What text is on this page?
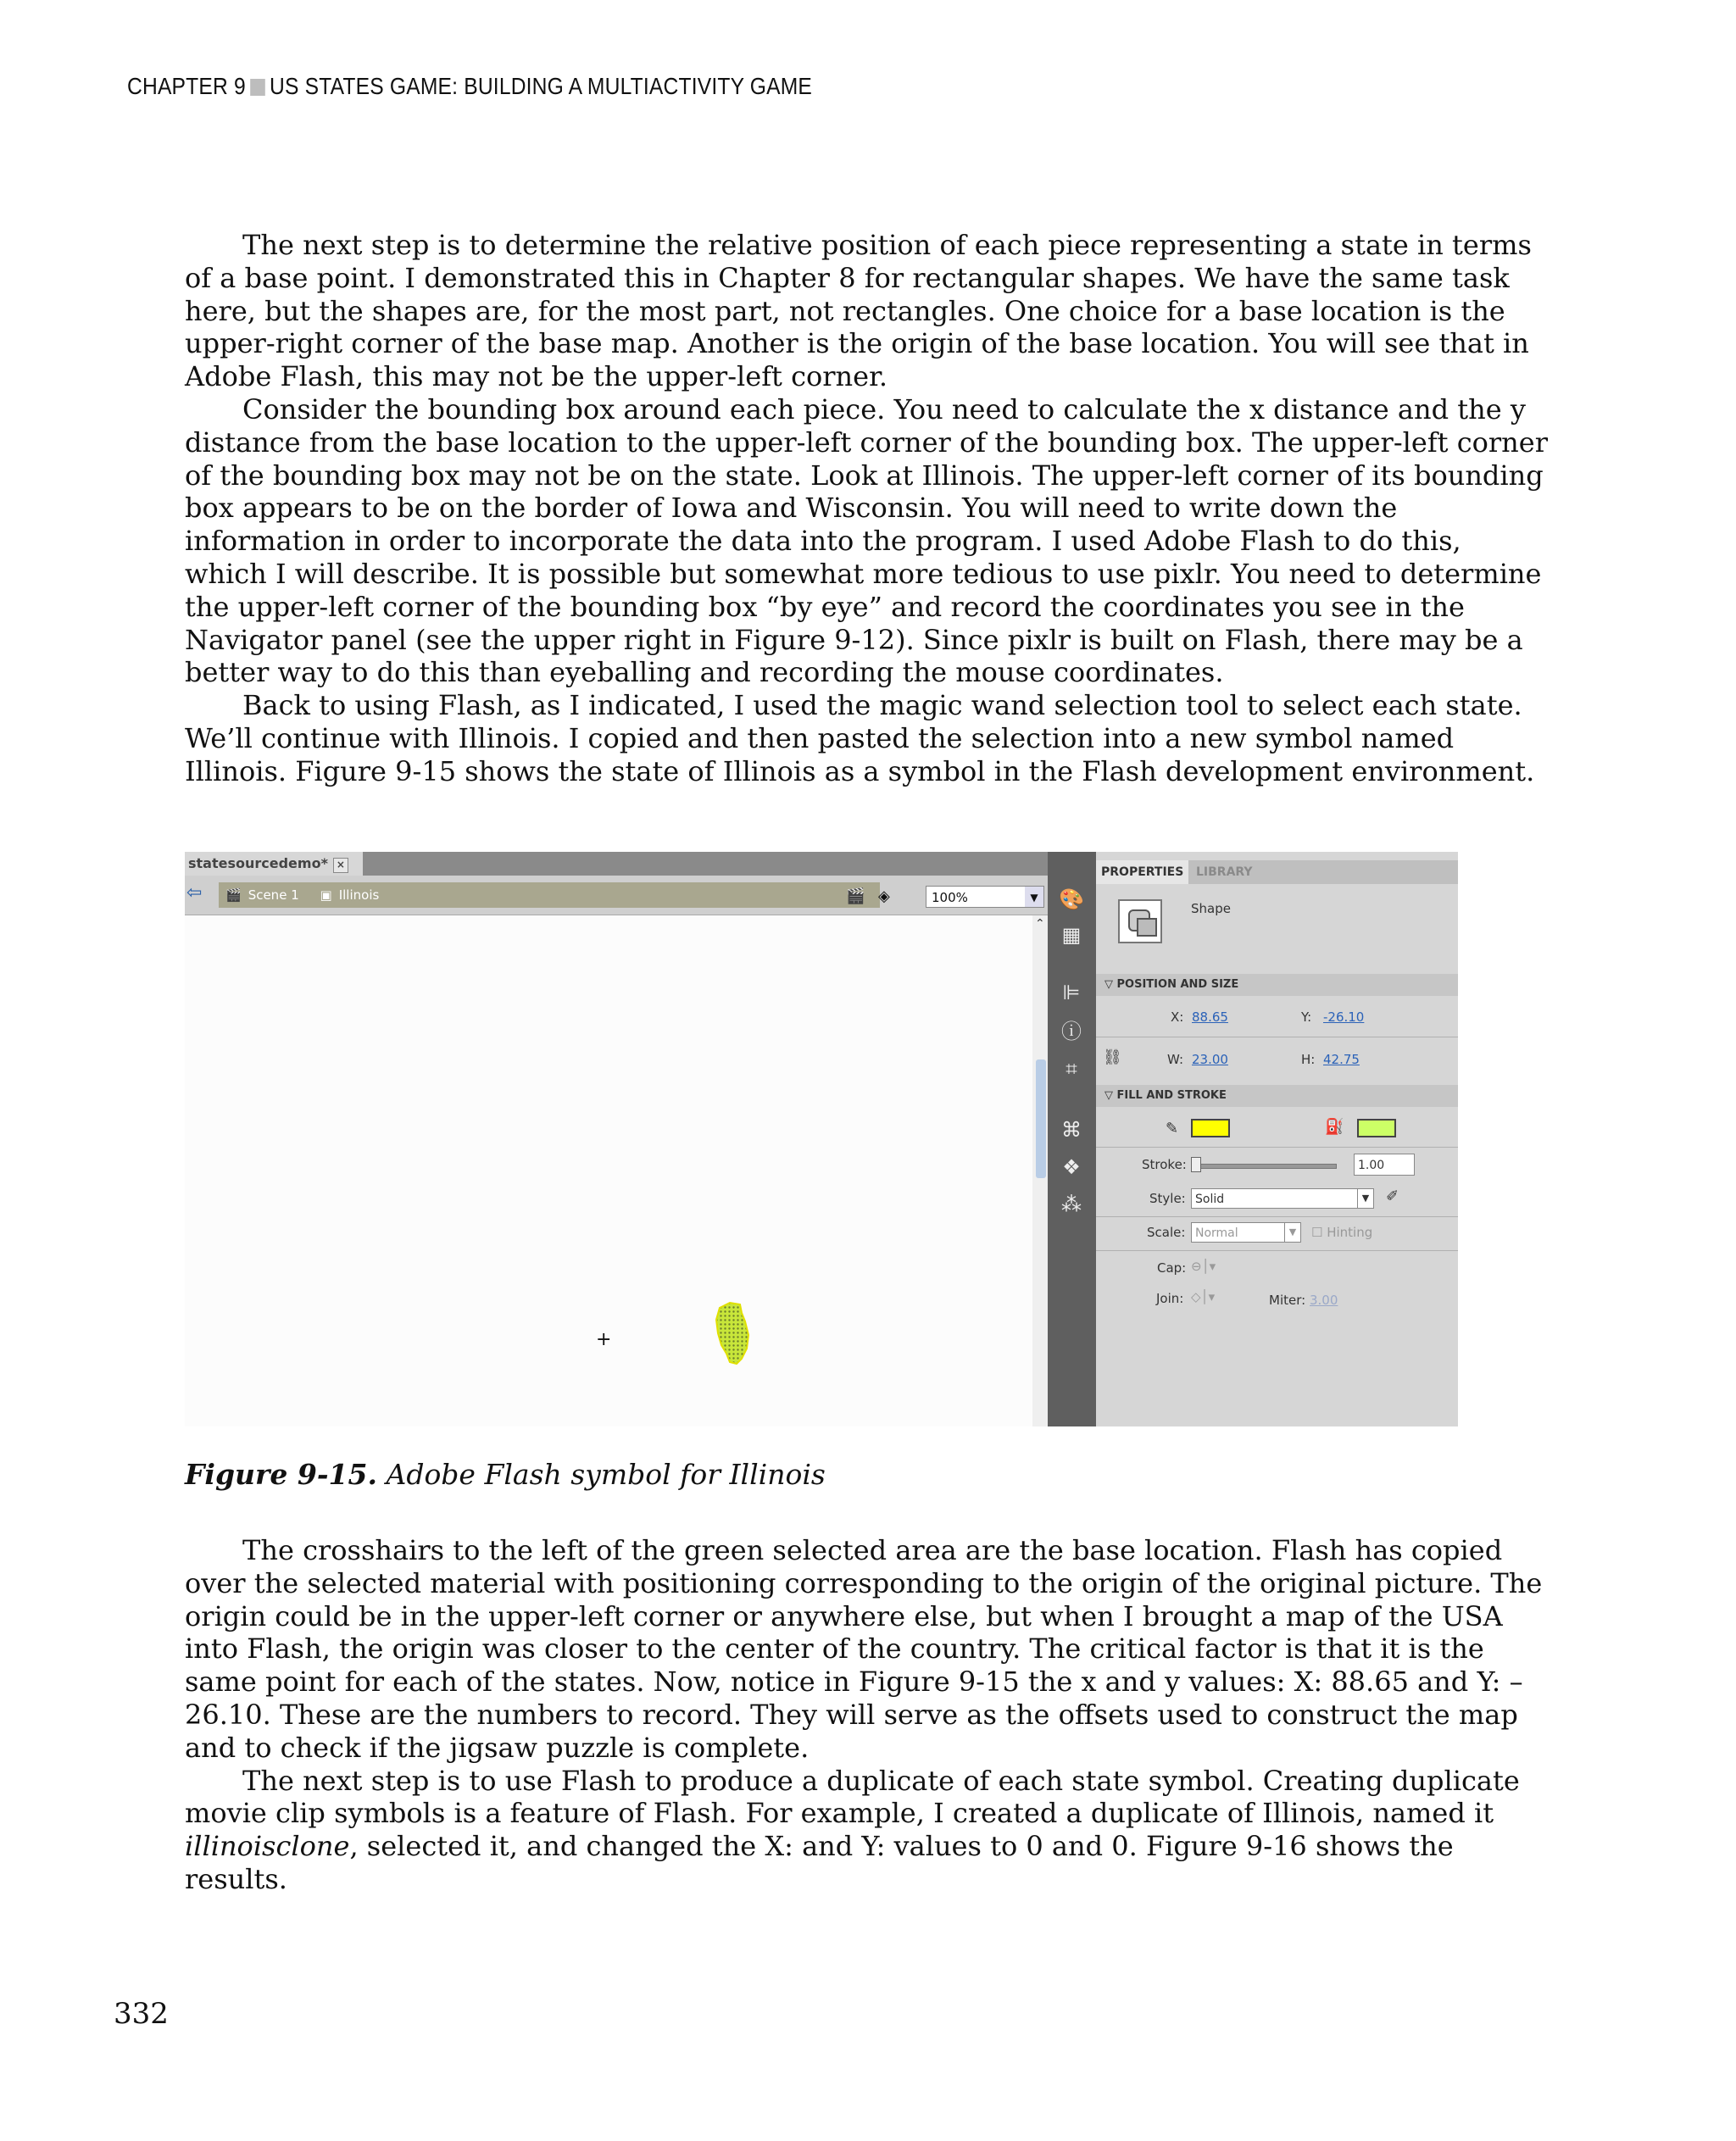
CHAPTER 9 US STATES GAME: BUILDING A MULTIACTIVITY GAME

The next step is to determine the relative position of each piece representing a state in terms of a base point. I demonstrated this in Chapter 8 for rectangular shapes. We have the same task here, but the shapes are, for the most part, not rectangles. One choice for a base location is the upper-right corner of the base map. Another is the origin of the base location. You will see that in Adobe Flash, this may not be the upper-left corner.

Consider the bounding box around each piece. You need to calculate the x distance and the y distance from the base location to the upper-left corner of the bounding box. The upper-left corner of the bounding box may not be on the state. Look at Illinois. The upper-left corner of its bounding box appears to be on the border of Iowa and Wisconsin. You will need to write down the information in order to incorporate the data into the program. I used Adobe Flash to do this, which I will describe. It is possible but somewhat more tedious to use pixlr. You need to determine the upper-left corner of the bounding box “by eye” and record the coordinates you see in the Navigator panel (see the upper right in Figure 9-12). Since pixlr is built on Flash, there may be a better way to do this than eyeballing and recording the mouse coordinates.

Back to using Flash, as I indicated, I used the magic wand selection tool to select each state. We’ll continue with Illinois. I copied and then pasted the selection into a new symbol named Illinois. Figure 9-15 shows the state of Illinois as a symbol in the Flash development environment.

statesourcedemo* ×
⇦	🎬 Scene 1 ▣ Illinois	🎬 ◈	100%	▼
+
⌃
🎨
▦
⊫
ⓘ
⌗
⌘
❖
⁂
PROPERTIES	LIBRARY
Shape
▽ POSITION AND SIZE
X: 88.65	Y: -26.10
⛓	W: 23.00	H: 42.75
▽ FILL AND STROKE
✎	⛽
Stroke:	1.00
Style: Solid	▼ ✐
Scale: Normal	▼	☐ Hinting
Cap: ⊖│▾
Join: ◇│▾	Miter: 3.00
Figure 9-15. Adobe Flash symbol for Illinois

The crosshairs to the left of the green selected area are the base location. Flash has copied over the selected material with positioning corresponding to the origin of the original picture. The origin could be in the upper-left corner or anywhere else, but when I brought a map of the USA into Flash, the origin was closer to the center of the country. The critical factor is that it is the same point for each of the states. Now, notice in Figure 9-15 the x and y values: X: 88.65 and Y: –26.10. These are the numbers to record. They will serve as the offsets used to construct the map and to check if the jigsaw puzzle is complete.

The next step is to use Flash to produce a duplicate of each state symbol. Creating duplicate movie clip symbols is a feature of Flash. For example, I created a duplicate of Illinois, named it illinoisclone, selected it, and changed the X: and Y: values to 0 and 0. Figure 9-16 shows the results.

332
